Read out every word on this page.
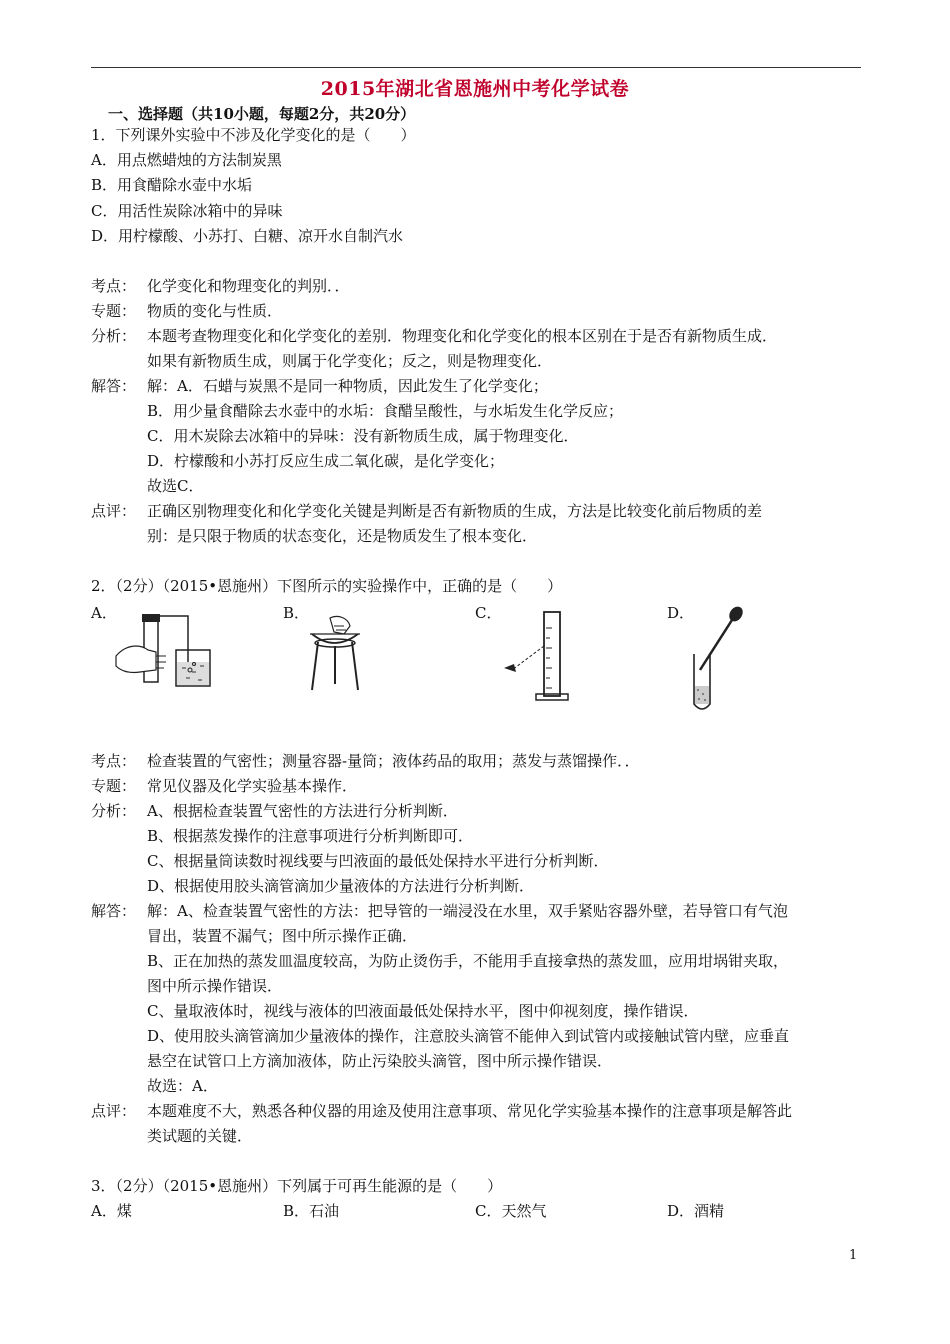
2015年湖北省恩施州中考化学试卷
一、选择题（共10小题，每题2分，共20分）
1．下列课外实验中不涉及化学变化的是（　　）
A．用点燃蜡烛的方法制炭黑
B．用食醋除水壶中水垢
C．用活性炭除冰箱中的异味
D．用柠檬酸、小苏打、白糖、凉开水自制汽水
考点： 化学变化和物理变化的判别．．
专题： 物质的变化与性质．
分析： 本题考查物理变化和化学变化的差别．物理变化和化学变化的根本区别在于是否有新物质生成．
如果有新物质生成，则属于化学变化；反之，则是物理变化．
解答： 解：A．石蜡与炭黑不是同一种物质，因此发生了化学变化；
B．用少量食醋除去水壶中的水垢：食醋呈酸性，与水垢发生化学反应；
C．用木炭除去冰箱中的异味：没有新物质生成，属于物理变化．
D．柠檬酸和小苏打反应生成二氧化碳，是化学变化；
故选C．
点评： 正确区别物理变化和化学变化关键是判断是否有新物质的生成，方法是比较变化前后物质的差
别：是只限于物质的状态变化，还是物质发生了根本变化．
2．（2分）（2015•恩施州）下图所示的实验操作中，正确的是（　　）
A．	B．	C．	D．
考点： 检查装置的气密性；测量容器-量筒；液体药品的取用；蒸发与蒸馏操作．．
专题： 常见仪器及化学实验基本操作．
分析： A、根据检查装置气密性的方法进行分析判断．
B、根据蒸发操作的注意事项进行分析判断即可．
C、根据量筒读数时视线要与凹液面的最低处保持水平进行分析判断．
D、根据使用胶头滴管滴加少量液体的方法进行分析判断．
解答： 解：A、检查装置气密性的方法：把导管的一端浸没在水里，双手紧贴容器外壁，若导管口有气泡
冒出，装置不漏气；图中所示操作正确．
B、正在加热的蒸发皿温度较高，为防止烫伤手，不能用手直接拿热的蒸发皿，应用坩埚钳夹取，
图中所示操作错误．
C、量取液体时，视线与液体的凹液面最低处保持水平，图中仰视刻度，操作错误．
D、使用胶头滴管滴加少量液体的操作，注意胶头滴管不能伸入到试管内或接触试管内壁，应垂直
悬空在试管口上方滴加液体，防止污染胶头滴管，图中所示操作错误．
故选：A．
点评： 本题难度不大，熟悉各种仪器的用途及使用注意事项、常见化学实验基本操作的注意事项是解答此
类试题的关键．
3．（2分）（2015•恩施州）下列属于可再生能源的是（　　）
A．煤	B．石油	C．天然气	D．酒精
1
